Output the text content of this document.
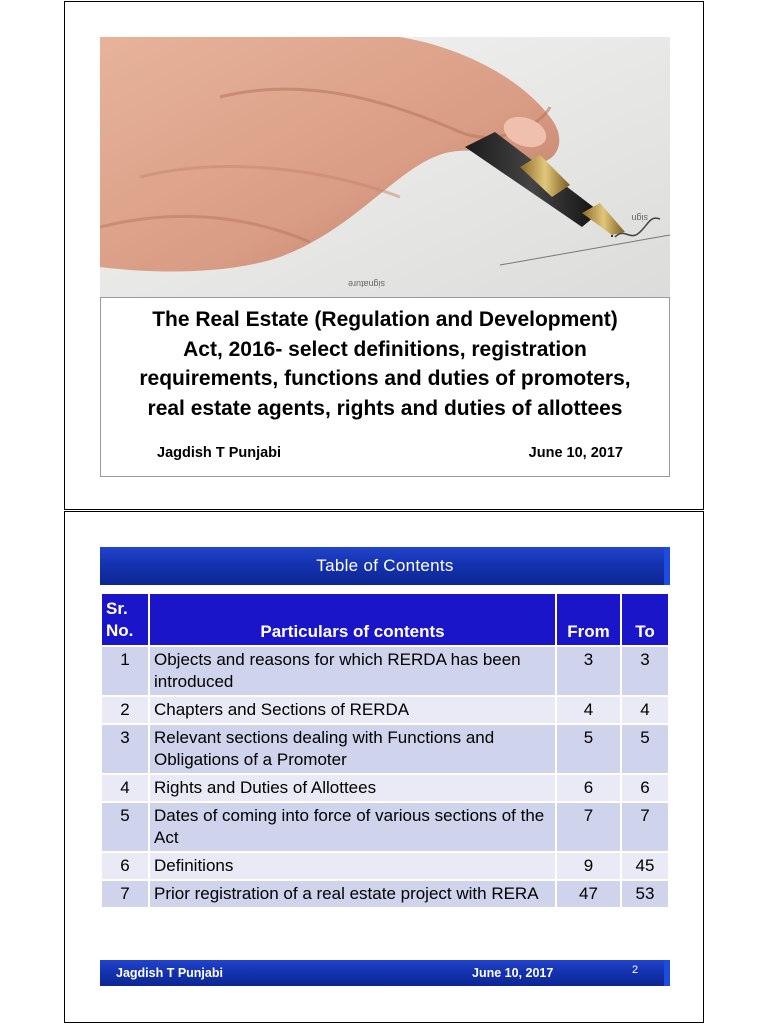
sign
signature
The Real Estate (Regulation and Development)
Act, 2016- select definitions, registration
requirements, functions and duties of promoters,
real estate agents, rights and duties of allottees
Jagdish T Punjabi	June 10, 2017
Table of Contents
Sr.
No.	Particulars of contents	From	To
1	Objects and reasons for which RERDA has been introduced	3	3
2	Chapters and Sections of RERDA	4	4
3	Relevant sections dealing with Functions and Obligations of a Promoter	5	5
4	Rights and Duties of Allottees	6	6
5	Dates of coming into force of various sections of the Act	7	7
6	Definitions	9	45
7	Prior registration of a real estate project with RERA	47	53
Jagdish T Punjabi	June 10, 2017	2
